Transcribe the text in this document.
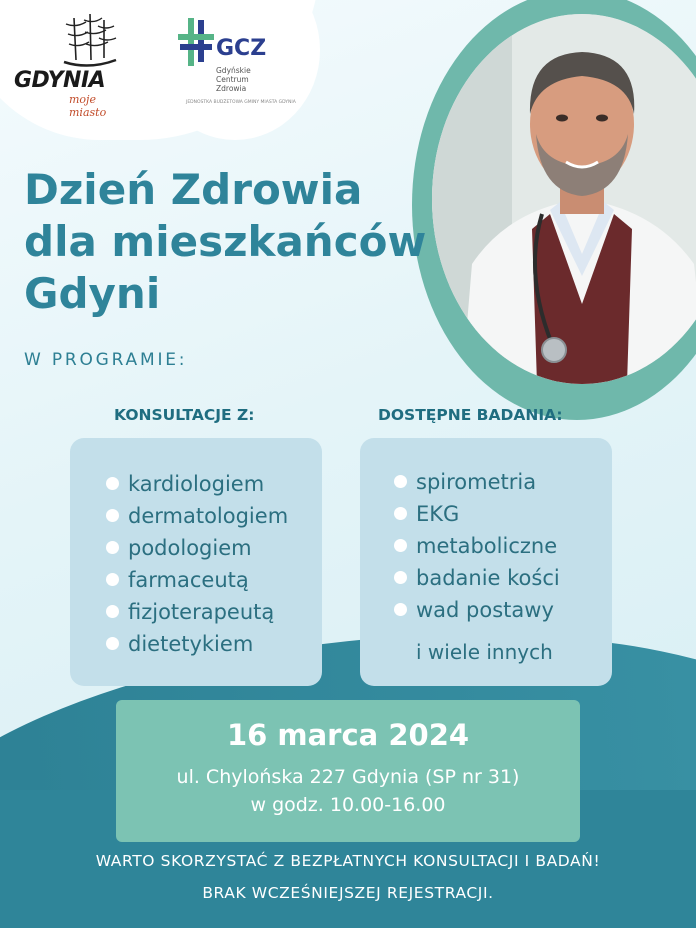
GDYNIA
moje miasto
GCZ
Gdyńskie Centrum Zdrowia
JEDNOSTKA BUDŻETOWA GMINY MIASTA GDYNIA
Dzień Zdrowia
dla mieszkańców
Gdyni
W PROGRAMIE:
KONSULTACJE Z:	DOSTĘPNE BADANIA:
kardiologiem
dermatologiem
podologiem
farmaceutą
fizjoterapeutą
dietetykiem
spirometria
EKG
metaboliczne
badanie kości
wad postawy
i wiele innych
16 marca 2024
ul. Chylońska 227 Gdynia (SP nr 31)
w godz. 10.00-16.00
WARTO SKORZYSTAĆ Z BEZPŁATNYCH KONSULTACJI I BADAŃ!
BRAK WCZEŚNIEJSZEJ REJESTRACJI.
